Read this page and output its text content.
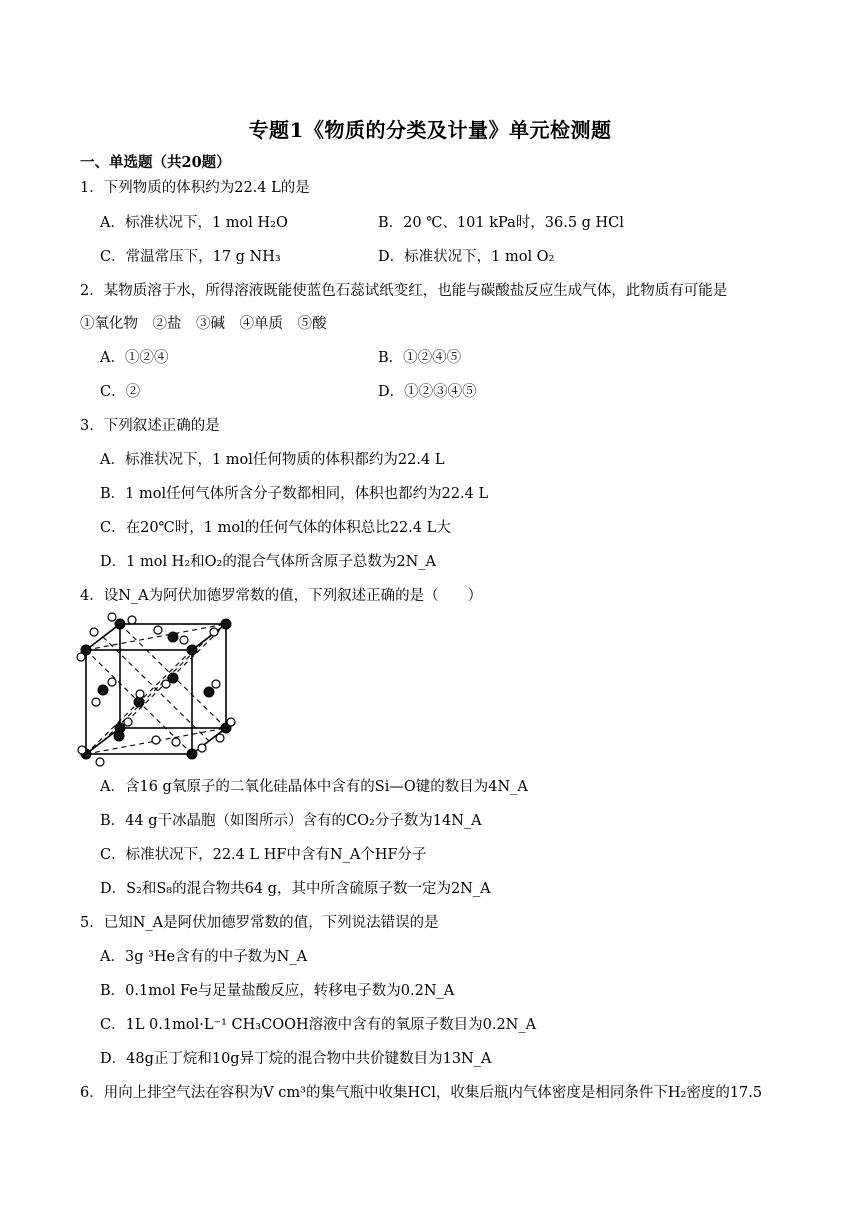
专题1《物质的分类及计量》单元检测题
一、单选题（共20题）
1．下列物质的体积约为22.4 L的是
A．标准状况下，1 mol H₂O	B．20 ℃、101 kPa时，36.5 g HCl
C．常温常压下，17 g NH₃	D．标准状况下，1 mol O₂
2．某物质溶于水，所得溶液既能使蓝色石蕊试纸变红，也能与碳酸盐反应生成气体，此物质有可能是
①氧化物　②盐　③碱　④单质　⑤酸
A．①②④	B．①②④⑤
C．②	D．①②③④⑤
3．下列叙述正确的是
A．标准状况下，1 mol任何物质的体积都约为22.4 L
B．1 mol任何气体所含分子数都相同，体积也都约为22.4 L
C．在20℃时，1 mol的任何气体的体积总比22.4 L大
D．1 mol H₂和O₂的混合气体所含原子总数为2N_A
4．设N_A为阿伏加德罗常数的值，下列叙述正确的是（　　）
A．含16 g氧原子的二氧化硅晶体中含有的Si—O键的数目为4N_A
B．44 g干冰晶胞（如图所示）含有的CO₂分子数为14N_A
C．标准状况下，22.4 L HF中含有N_A个HF分子
D．S₂和S₈的混合物共64 g，其中所含硫原子数一定为2N_A
5．已知N_A是阿伏加德罗常数的值，下列说法错误的是
A．3g ³He含有的中子数为N_A
B．0.1mol Fe与足量盐酸反应，转移电子数为0.2N_A
C．1L 0.1mol·L⁻¹ CH₃COOH溶液中含有的氧原子数目为0.2N_A
D．48g正丁烷和10g异丁烷的混合物中共价键数目为13N_A
6．用向上排空气法在容积为V cm³的集气瓶中收集HCl，收集后瓶内气体密度是相同条件下H₂密度的17.5
